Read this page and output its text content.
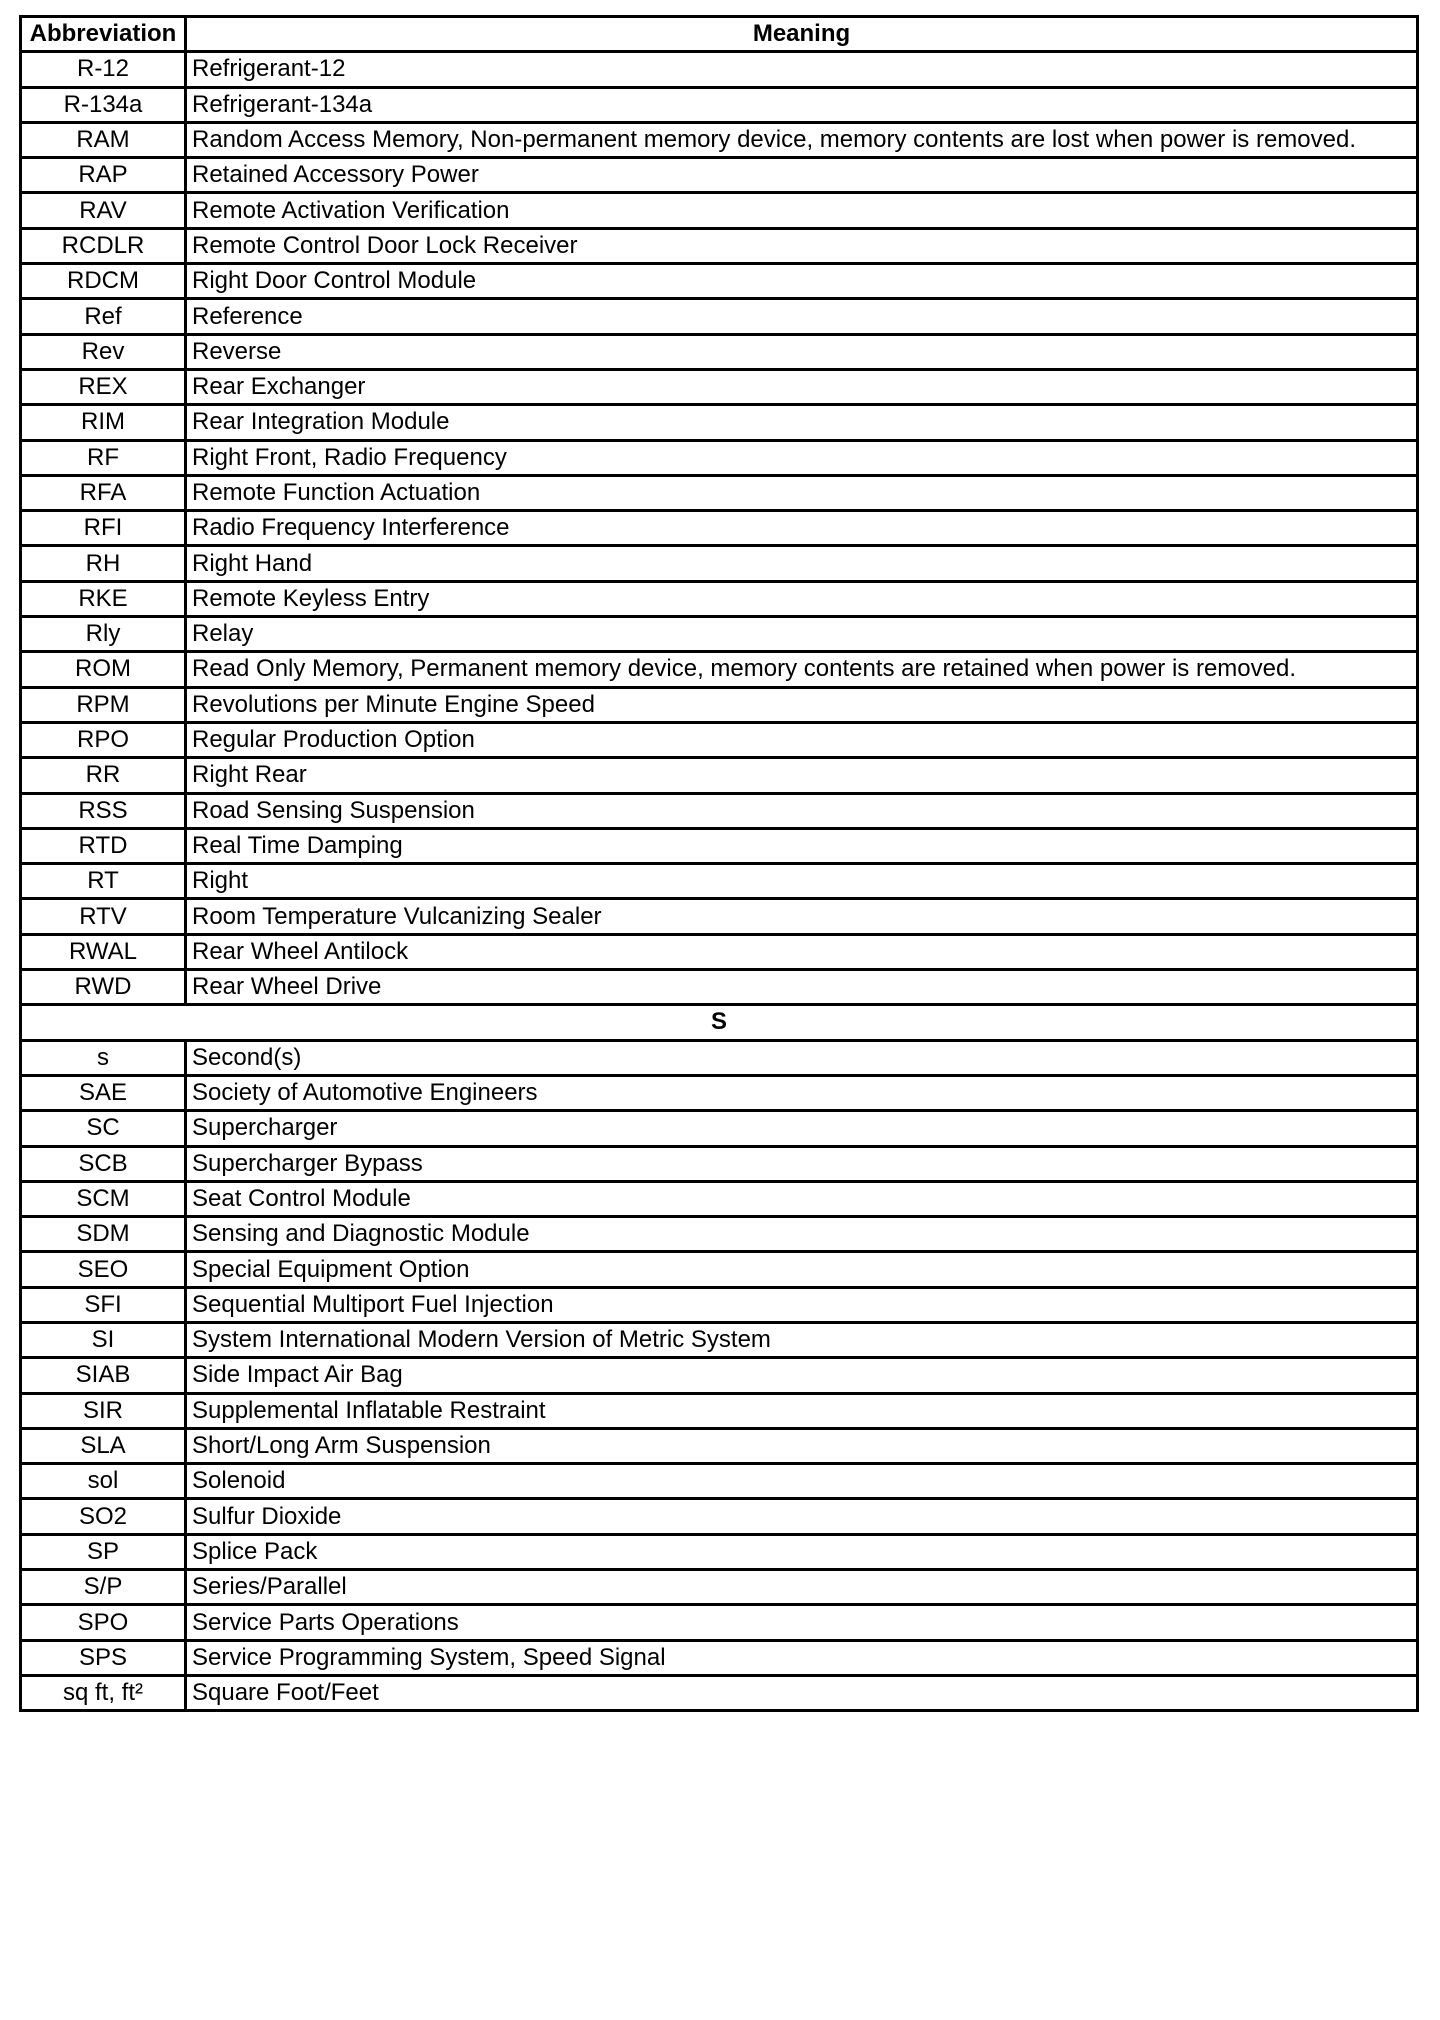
Abbreviation	Meaning
R-12	Refrigerant-12
R-134a	Refrigerant-134a
RAM	Random Access Memory, Non-permanent memory device, memory contents are lost when power is removed.
RAP	Retained Accessory Power
RAV	Remote Activation Verification
RCDLR	Remote Control Door Lock Receiver
RDCM	Right Door Control Module
Ref	Reference
Rev	Reverse
REX	Rear Exchanger
RIM	Rear Integration Module
RF	Right Front, Radio Frequency
RFA	Remote Function Actuation
RFI	Radio Frequency Interference
RH	Right Hand
RKE	Remote Keyless Entry
Rly	Relay
ROM	Read Only Memory, Permanent memory device, memory contents are retained when power is removed.
RPM	Revolutions per Minute Engine Speed
RPO	Regular Production Option
RR	Right Rear
RSS	Road Sensing Suspension
RTD	Real Time Damping
RT	Right
RTV	Room Temperature Vulcanizing Sealer
RWAL	Rear Wheel Antilock
RWD	Rear Wheel Drive
S	
s	Second(s)
SAE	Society of Automotive Engineers
SC	Supercharger
SCB	Supercharger Bypass
SCM	Seat Control Module
SDM	Sensing and Diagnostic Module
SEO	Special Equipment Option
SFI	Sequential Multiport Fuel Injection
SI	System International Modern Version of Metric System
SIAB	Side Impact Air Bag
SIR	Supplemental Inflatable Restraint
SLA	Short/Long Arm Suspension
sol	Solenoid
SO2	Sulfur Dioxide
SP	Splice Pack
S/P	Series/Parallel
SPO	Service Parts Operations
SPS	Service Programming System, Speed Signal
sq ft, ft²	Square Foot/Feet
